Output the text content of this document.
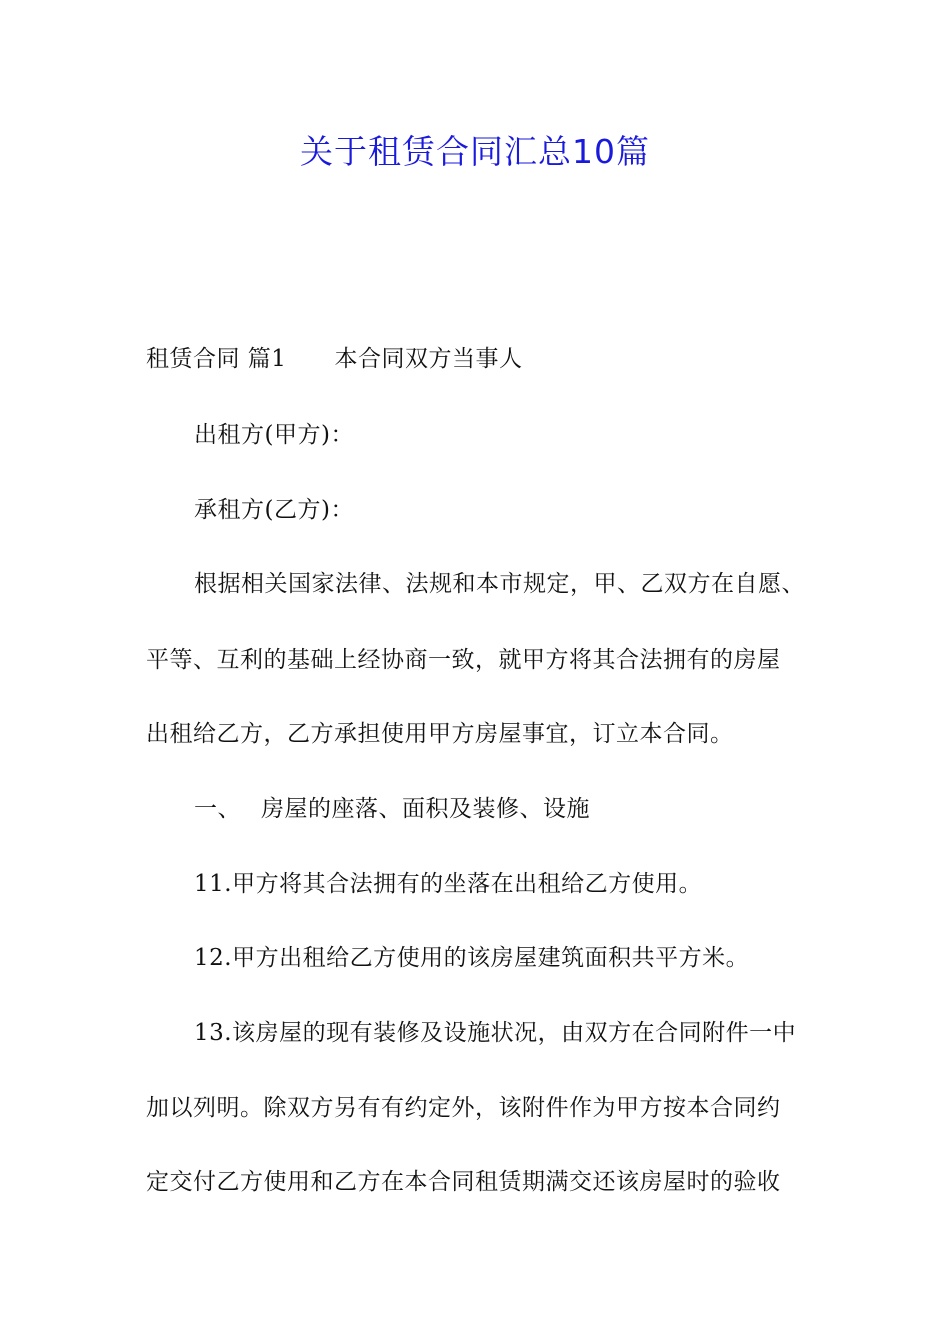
关于租赁合同汇总10篇
租赁合同 篇1 本合同双方当事人
出租方(甲方)：
承租方(乙方)：
根据相关国家法律、法规和本市规定，甲、乙双方在自愿、
平等、互利的基础上经协商一致，就甲方将其合法拥有的房屋
出租给乙方，乙方承担使用甲方房屋事宜，订立本合同。
一、 房屋的座落、面积及装修、设施
11.甲方将其合法拥有的坐落在出租给乙方使用。
12.甲方出租给乙方使用的该房屋建筑面积共平方米。
13.该房屋的现有装修及设施状况，由双方在合同附件一中
加以列明。除双方另有有约定外，该附件作为甲方按本合同约
定交付乙方使用和乙方在本合同租赁期满交还该房屋时的验收
